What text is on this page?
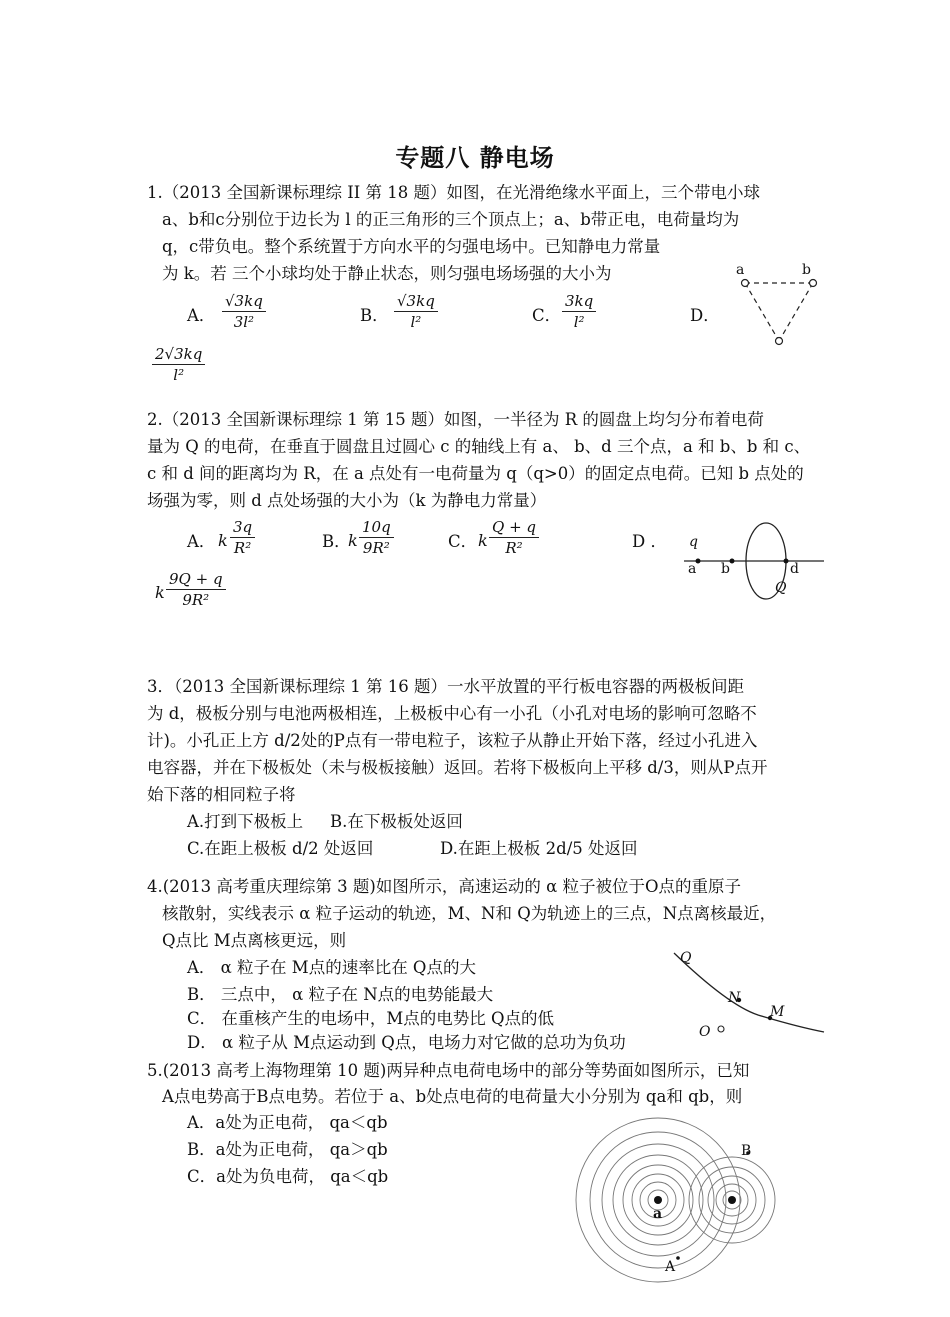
专题八 静电场
1.（2013 全国新课标理综 II 第 18 题）如图，在光滑绝缘水平面上，三个带电小球
a、b和c分别位于边长为 l 的正三角形的三个顶点上；a、b带正电，电荷量均为
q，c带负电。整个系统置于方向水平的匀强电场中。已知静电力常量
为 k。若 三个小球均处于静止状态，则匀强电场场强的大小为
A． $\frac{√3kq}{\text{3l²}}$	B． $\frac{√3kq}{\text{l²}}$	C． $\frac{3kq}{\text{l²}}$	D．
$\frac{2√3kq}{\text{l²}}$
a	b
2.（2013 全国新课标理综 1 第 15 题）如图，一半径为 R 的圆盘上均匀分布着电荷
量为 Q 的电荷，在垂直于圆盘且过圆心 c 的轴线上有 a、 b、d 三个点，a 和 b、b 和 c、
c 和 d 间的距离均为 R，在 a 点处有一电荷量为 q（q>0）的固定点电荷。已知 b 点处的
场强为零，则 d 点处场强的大小为（k 为静电力常量）
A． k $\frac{3q}{\text{R²}}$	B．
k $\frac{10q}{\text{9R²}}$	C． k $\frac{Q + q}{\text{R²}}$	D ．
k $\frac{9Q + q}{\text{9R²}}$
q
a b	d
Q
3．（2013 全国新课标理综 1 第 16 题）一水平放置的平行板电容器的两极板间距
为 d，极板分别与电池两极相连，上极板中心有一小孔（小孔对电场的影响可忽略不
计)。小孔正上方 d/2处的P点有一带电粒子，该粒子从静止开始下落，经过小孔进入
电容器，并在下极板处（未与极板接触）返回。若将下极板向上平移 d/3，则从P点开
始下落的相同粒子将
A.打到下极板上 B.在下极板处返回
C.在距上极板 d/2 处返回	D.在距上极板 2d/5 处返回
4.(2013 高考重庆理综第 3 题)如图所示，高速运动的 α 粒子被位于O点的重原子
核散射，实线表示 α 粒子运动的轨迹，M、N和 Q为轨迹上的三点，N点离核最近，
Q点比 M点离核更远，则
A． α 粒子在 M点的速率比在 Q点的大
B． 三点中， α 粒子在 N点的电势能最大
C． 在重核产生的电场中，M点的电势比 Q点的低
D． α 粒子从 M点运动到 Q点，电场力对它做的总功为负功
Q
N
M
O
5.(2013 高考上海物理第 10 题)两异种点电荷电场中的部分等势面如图所示，已知
A点电势高于B点电势。若位于 a、b处点电荷的电荷量大小分别为 qa和 qb，则
A．a处为正电荷， qa＜qb
B．a处为正电荷， qa＞qb
C．a处为负电荷， qa＜qb
a
A
B
